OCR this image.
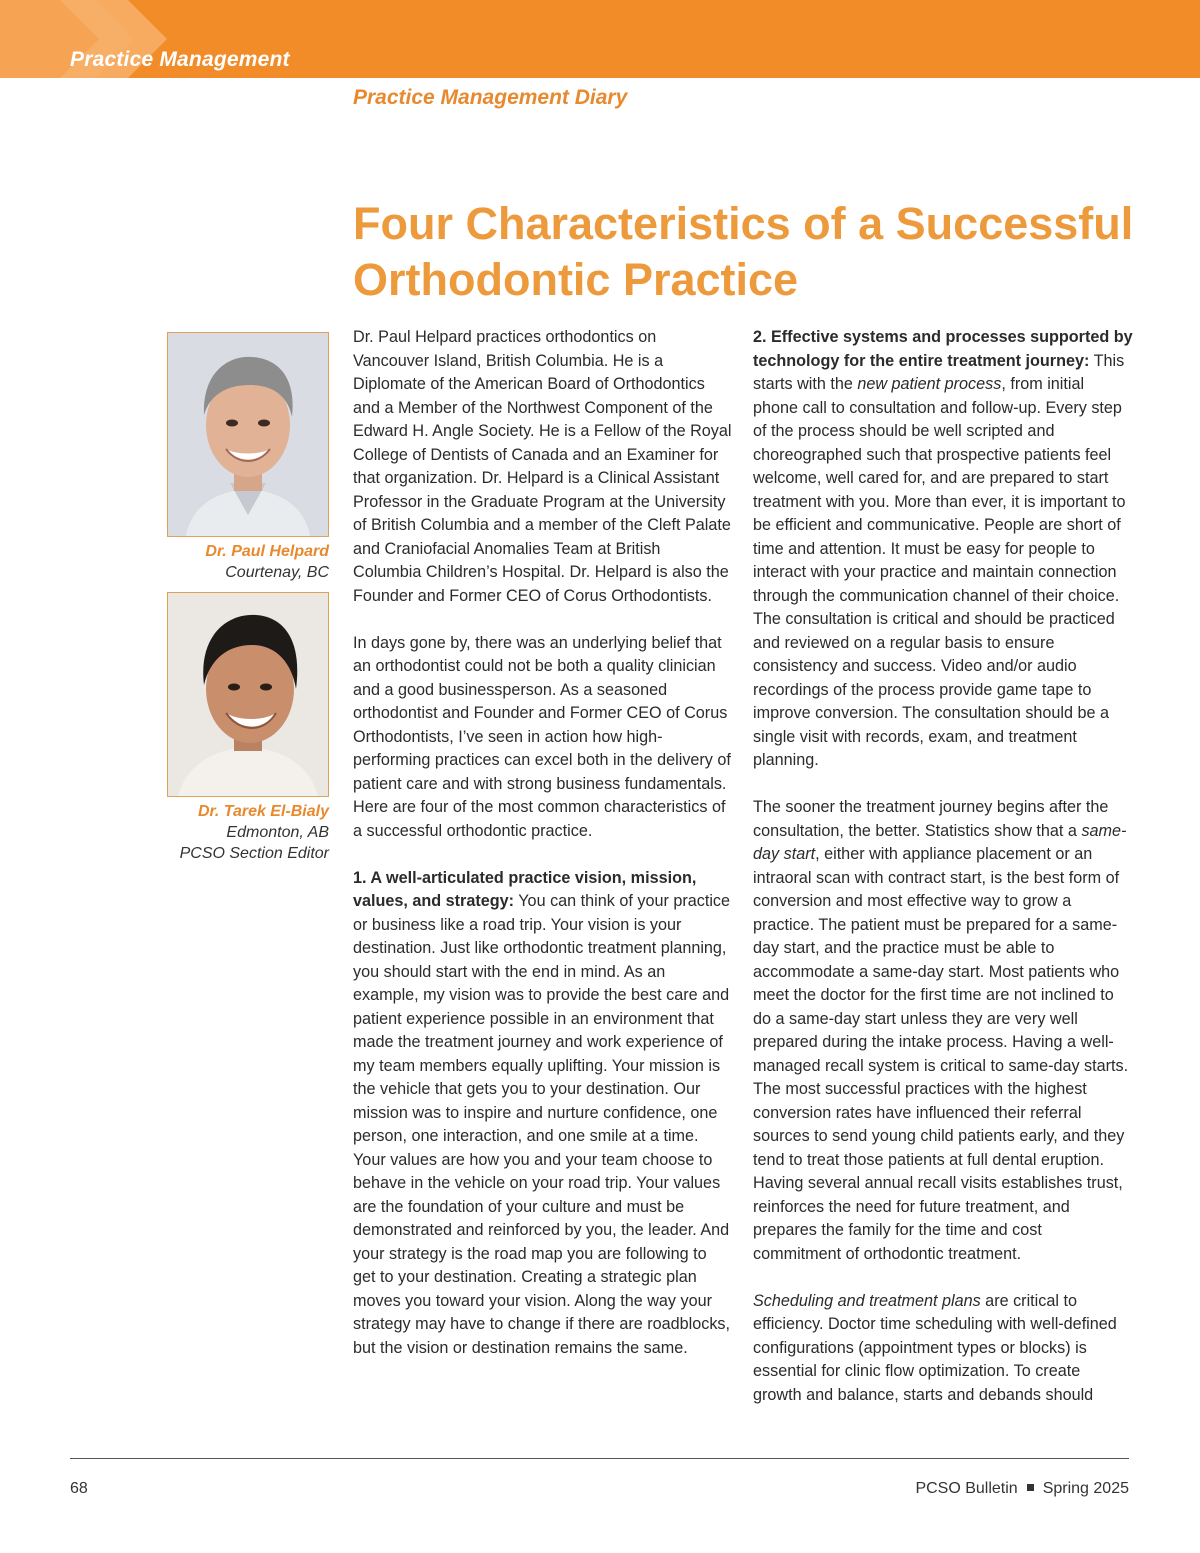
Practice Management
Practice Management Diary
Four Characteristics of a Successful Orthodontic Practice
Dr. Paul Helpard
Courtenay, BC
Dr. Tarek El-Bialy
Edmonton, AB
PCSO Section Editor

Dr. Paul Helpard practices orthodontics on Vancouver Island, British Columbia. He is a Diplomate of the American Board of Orthodontics and a Member of the Northwest Component of the Edward H. Angle Society. He is a Fellow of the Royal College of Dentists of Canada and an Examiner for that organization. Dr. Helpard is a Clinical Assistant Professor in the Graduate Program at the University of British Columbia and a member of the Cleft Palate and Craniofacial Anomalies Team at British Columbia Children’s Hospital. Dr. Helpard is also the Founder and Former CEO of Corus Orthodontists.

In days gone by, there was an underlying belief that an orthodontist could not be both a quality clinician and a good businessperson. As a seasoned orthodontist and Founder and Former CEO of Corus Orthodontists, I’ve seen in action how high-performing practices can excel both in the delivery of patient care and with strong business fundamentals. Here are four of the most common characteristics of a successful orthodontic practice.

1. A well-articulated practice vision, mission, values, and strategy: You can think of your practice or business like a road trip. Your vision is your destination. Just like orthodontic treatment planning, you should start with the end in mind. As an example, my vision was to provide the best care and patient experience possible in an environment that made the treatment journey and work experience of my team members equally uplifting. Your mission is the vehicle that gets you to your destination. Our mission was to inspire and nurture confidence, one person, one interaction, and one smile at a time. Your values are how you and your team choose to behave in the vehicle on your road trip. Your values are the foundation of your culture and must be demonstrated and reinforced by you, the leader. And your strategy is the road map you are following to get to your destination. Creating a strategic plan moves you toward your vision. Along the way your strategy may have to change if there are roadblocks, but the vision or destination remains the same.

2. Effective systems and processes supported by technology for the entire treatment journey: This starts with the new patient process, from initial phone call to consultation and follow-up. Every step of the process should be well scripted and choreographed such that prospective patients feel welcome, well cared for, and are prepared to start treatment with you. More than ever, it is important to be efficient and communicative. People are short of time and attention. It must be easy for people to interact with your practice and maintain connection through the communication channel of their choice. The consultation is critical and should be practiced and reviewed on a regular basis to ensure consistency and success. Video and/or audio recordings of the process provide game tape to improve conversion. The consultation should be a single visit with records, exam, and treatment planning.

The sooner the treatment journey begins after the consultation, the better. Statistics show that a same-day start, either with appliance placement or an intraoral scan with contract start, is the best form of conversion and most effective way to grow a practice. The patient must be prepared for a same-day start, and the practice must be able to accommodate a same-day start. Most patients who meet the doctor for the first time are not inclined to do a same-day start unless they are very well prepared during the intake process. Having a well-managed recall system is critical to same-day starts. The most successful practices with the highest conversion rates have influenced their referral sources to send young child patients early, and they tend to treat those patients at full dental eruption. Having several annual recall visits establishes trust, reinforces the need for future treatment, and prepares the family for the time and cost commitment of orthodontic treatment.

Scheduling and treatment plans are critical to efficiency. Doctor time scheduling with well-defined configurations (appointment types or blocks) is essential for clinic flow optimization. To create growth and balance, starts and debands should

68	PCSO Bulletin Spring 2025
